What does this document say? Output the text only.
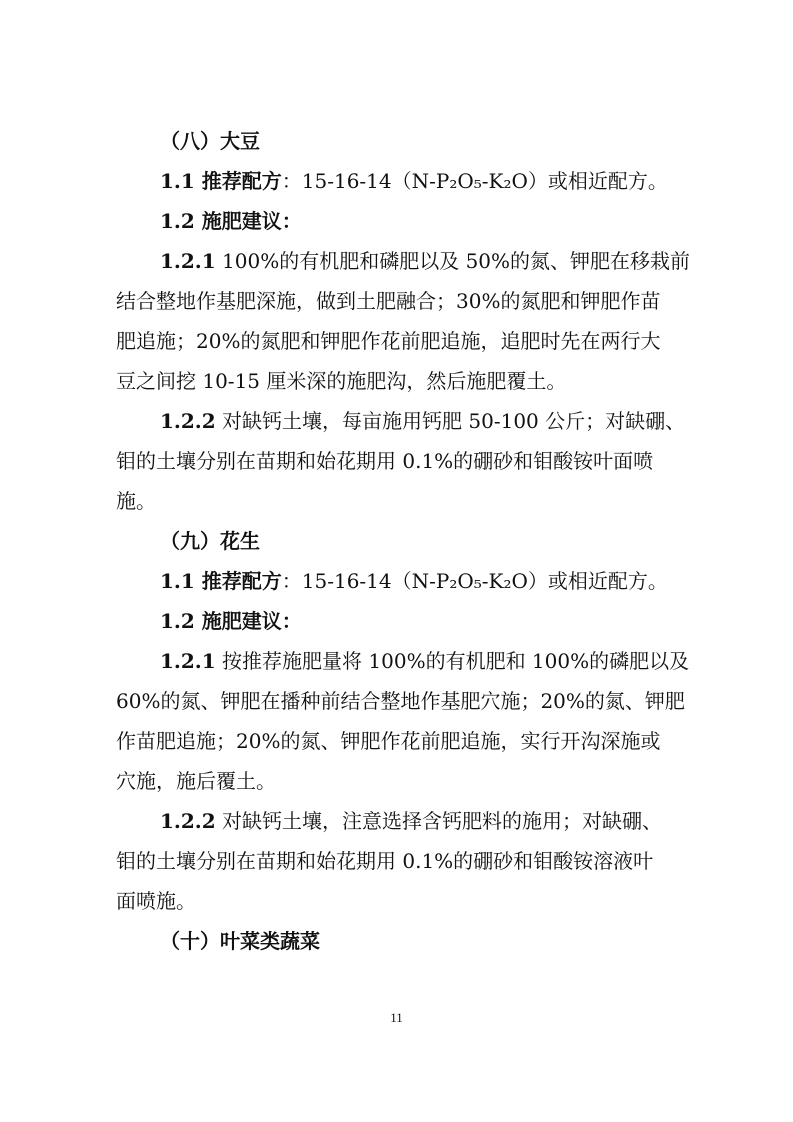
（八）大豆
1.1 推荐配方：15-16-14（N-P₂O₅-K₂O）或相近配方。
1.2 施肥建议：
1.2.1 100%的有机肥和磷肥以及 50%的氮、钾肥在移栽前
结合整地作基肥深施，做到土肥融合；30%的氮肥和钾肥作苗
肥追施；20%的氮肥和钾肥作花前肥追施，追肥时先在两行大
豆之间挖 10-15 厘米深的施肥沟，然后施肥覆土。
1.2.2 对缺钙土壤，每亩施用钙肥 50-100 公斤；对缺硼、
钼的土壤分别在苗期和始花期用 0.1%的硼砂和钼酸铵叶面喷
施。
（九）花生
1.1 推荐配方：15-16-14（N-P₂O₅-K₂O）或相近配方。
1.2 施肥建议：
1.2.1 按推荐施肥量将 100%的有机肥和 100%的磷肥以及
60%的氮、钾肥在播种前结合整地作基肥穴施；20%的氮、钾肥
作苗肥追施；20%的氮、钾肥作花前肥追施，实行开沟深施或
穴施，施后覆土。
1.2.2 对缺钙土壤，注意选择含钙肥料的施用；对缺硼、
钼的土壤分别在苗期和始花期用 0.1%的硼砂和钼酸铵溶液叶
面喷施。
（十）叶菜类蔬菜
11
